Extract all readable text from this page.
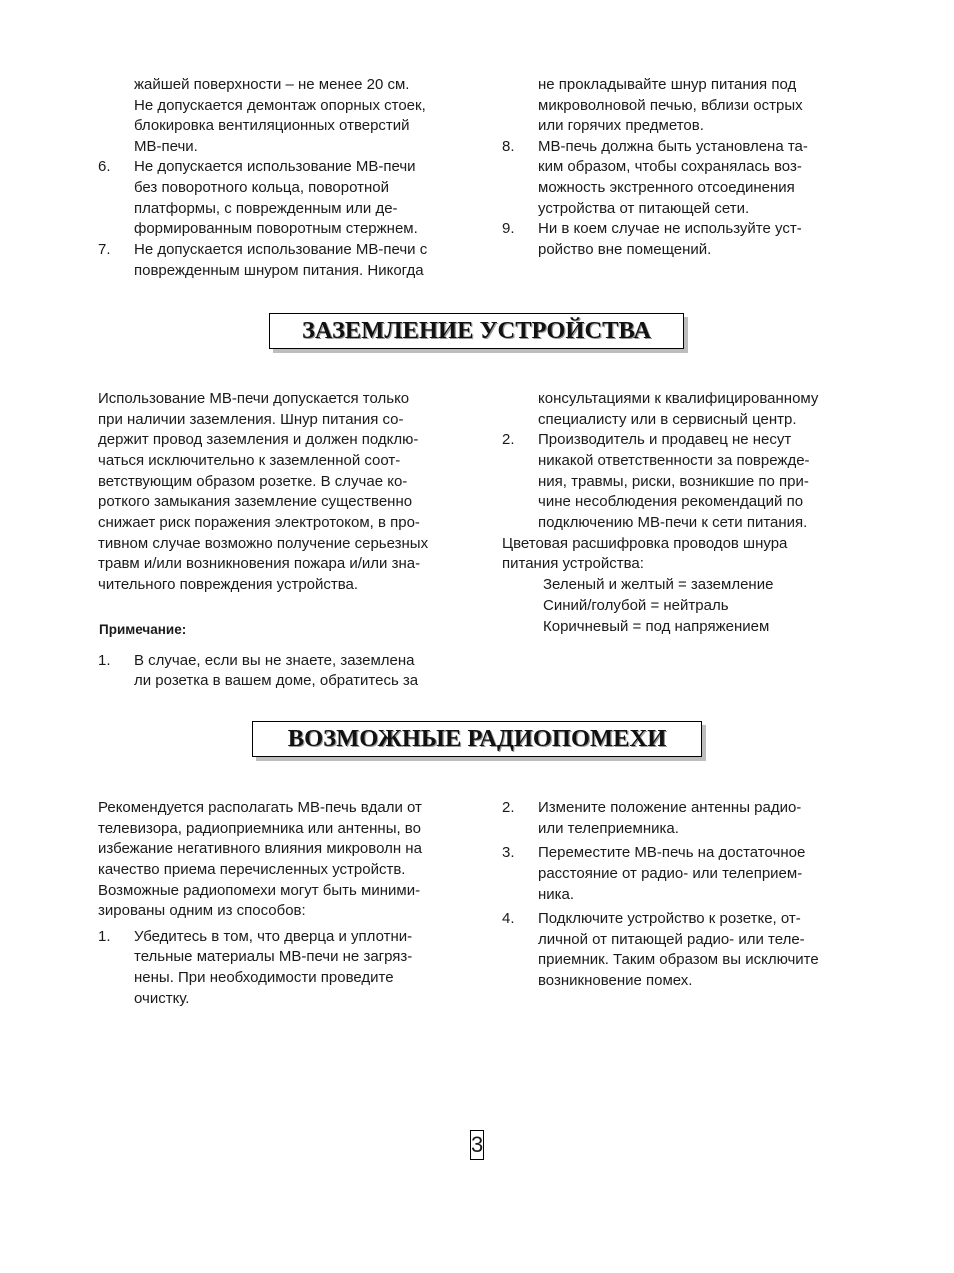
жайшей поверхности – не менее 20 см.
Не допускается демонтаж опорных стоек,
блокировка вентиляционных отверстий
МВ-печи.
6. Не допускается использование МВ-печи
без поворотного кольца, поворотной
платформы, с поврежденным или де-
формированным поворотным стержнем.
7. Не допускается использование МВ-печи с
поврежденным шнуром питания. Никогда
не прокладывайте шнур питания под
микроволновой печью, вблизи острых
или горячих предметов.
8. МВ-печь должна быть установлена та-
ким образом, чтобы сохранялась воз-
можность экстренного отсоединения
устройства от питающей сети.
9. Ни в коем случае не используйте уст-
ройство вне помещений.
ЗАЗЕМЛЕНИЕ УСТРОЙСТВА
Использование МВ-печи допускается только
при наличии заземления. Шнур питания со-
держит провод заземления и должен подклю-
чаться исключительно к заземленной соот-
ветствующим образом розетке. В случае ко-
роткого замыкания заземление существенно
снижает риск поражения электротоком, в про-
тивном случае возможно получение серьезных
травм и/или возникновения пожара и/или зна-
чительного повреждения устройства.
Примечание:
1. В случае, если вы не знаете, заземлена
ли розетка в вашем доме, обратитесь за
консультациями к квалифицированному
специалисту или в сервисный центр.
2. Производитель и продавец не несут
никакой ответственности за поврежде-
ния, травмы, риски, возникшие по при-
чине несоблюдения рекомендаций по
подключению МВ-печи к сети питания.
Цветовая расшифровка проводов шнура
питания устройства:
Зеленый и желтый = заземление
Синий/голубой = нейтраль
Коричневый = под напряжением
ВОЗМОЖНЫЕ РАДИОПОМЕХИ
Рекомендуется располагать МВ-печь вдали от
телевизора, радиоприемника или антенны, во
избежание негативного влияния микроволн на
качество приема перечисленных устройств.
Возможные радиопомехи могут быть миними-
зированы одним из способов:
1. Убедитесь в том, что дверца и уплотни-
тельные материалы МВ-печи не загряз-
нены. При необходимости проведите
очистку.
2. Измените положение антенны радио-
или телеприемника.
3. Переместите МВ-печь на достаточное
расстояние от радио- или телеприем-
ника.
4. Подключите устройство к розетке, от-
личной от питающей радио- или теле-
приемник. Таким образом вы исключите
возникновение помех.
3
